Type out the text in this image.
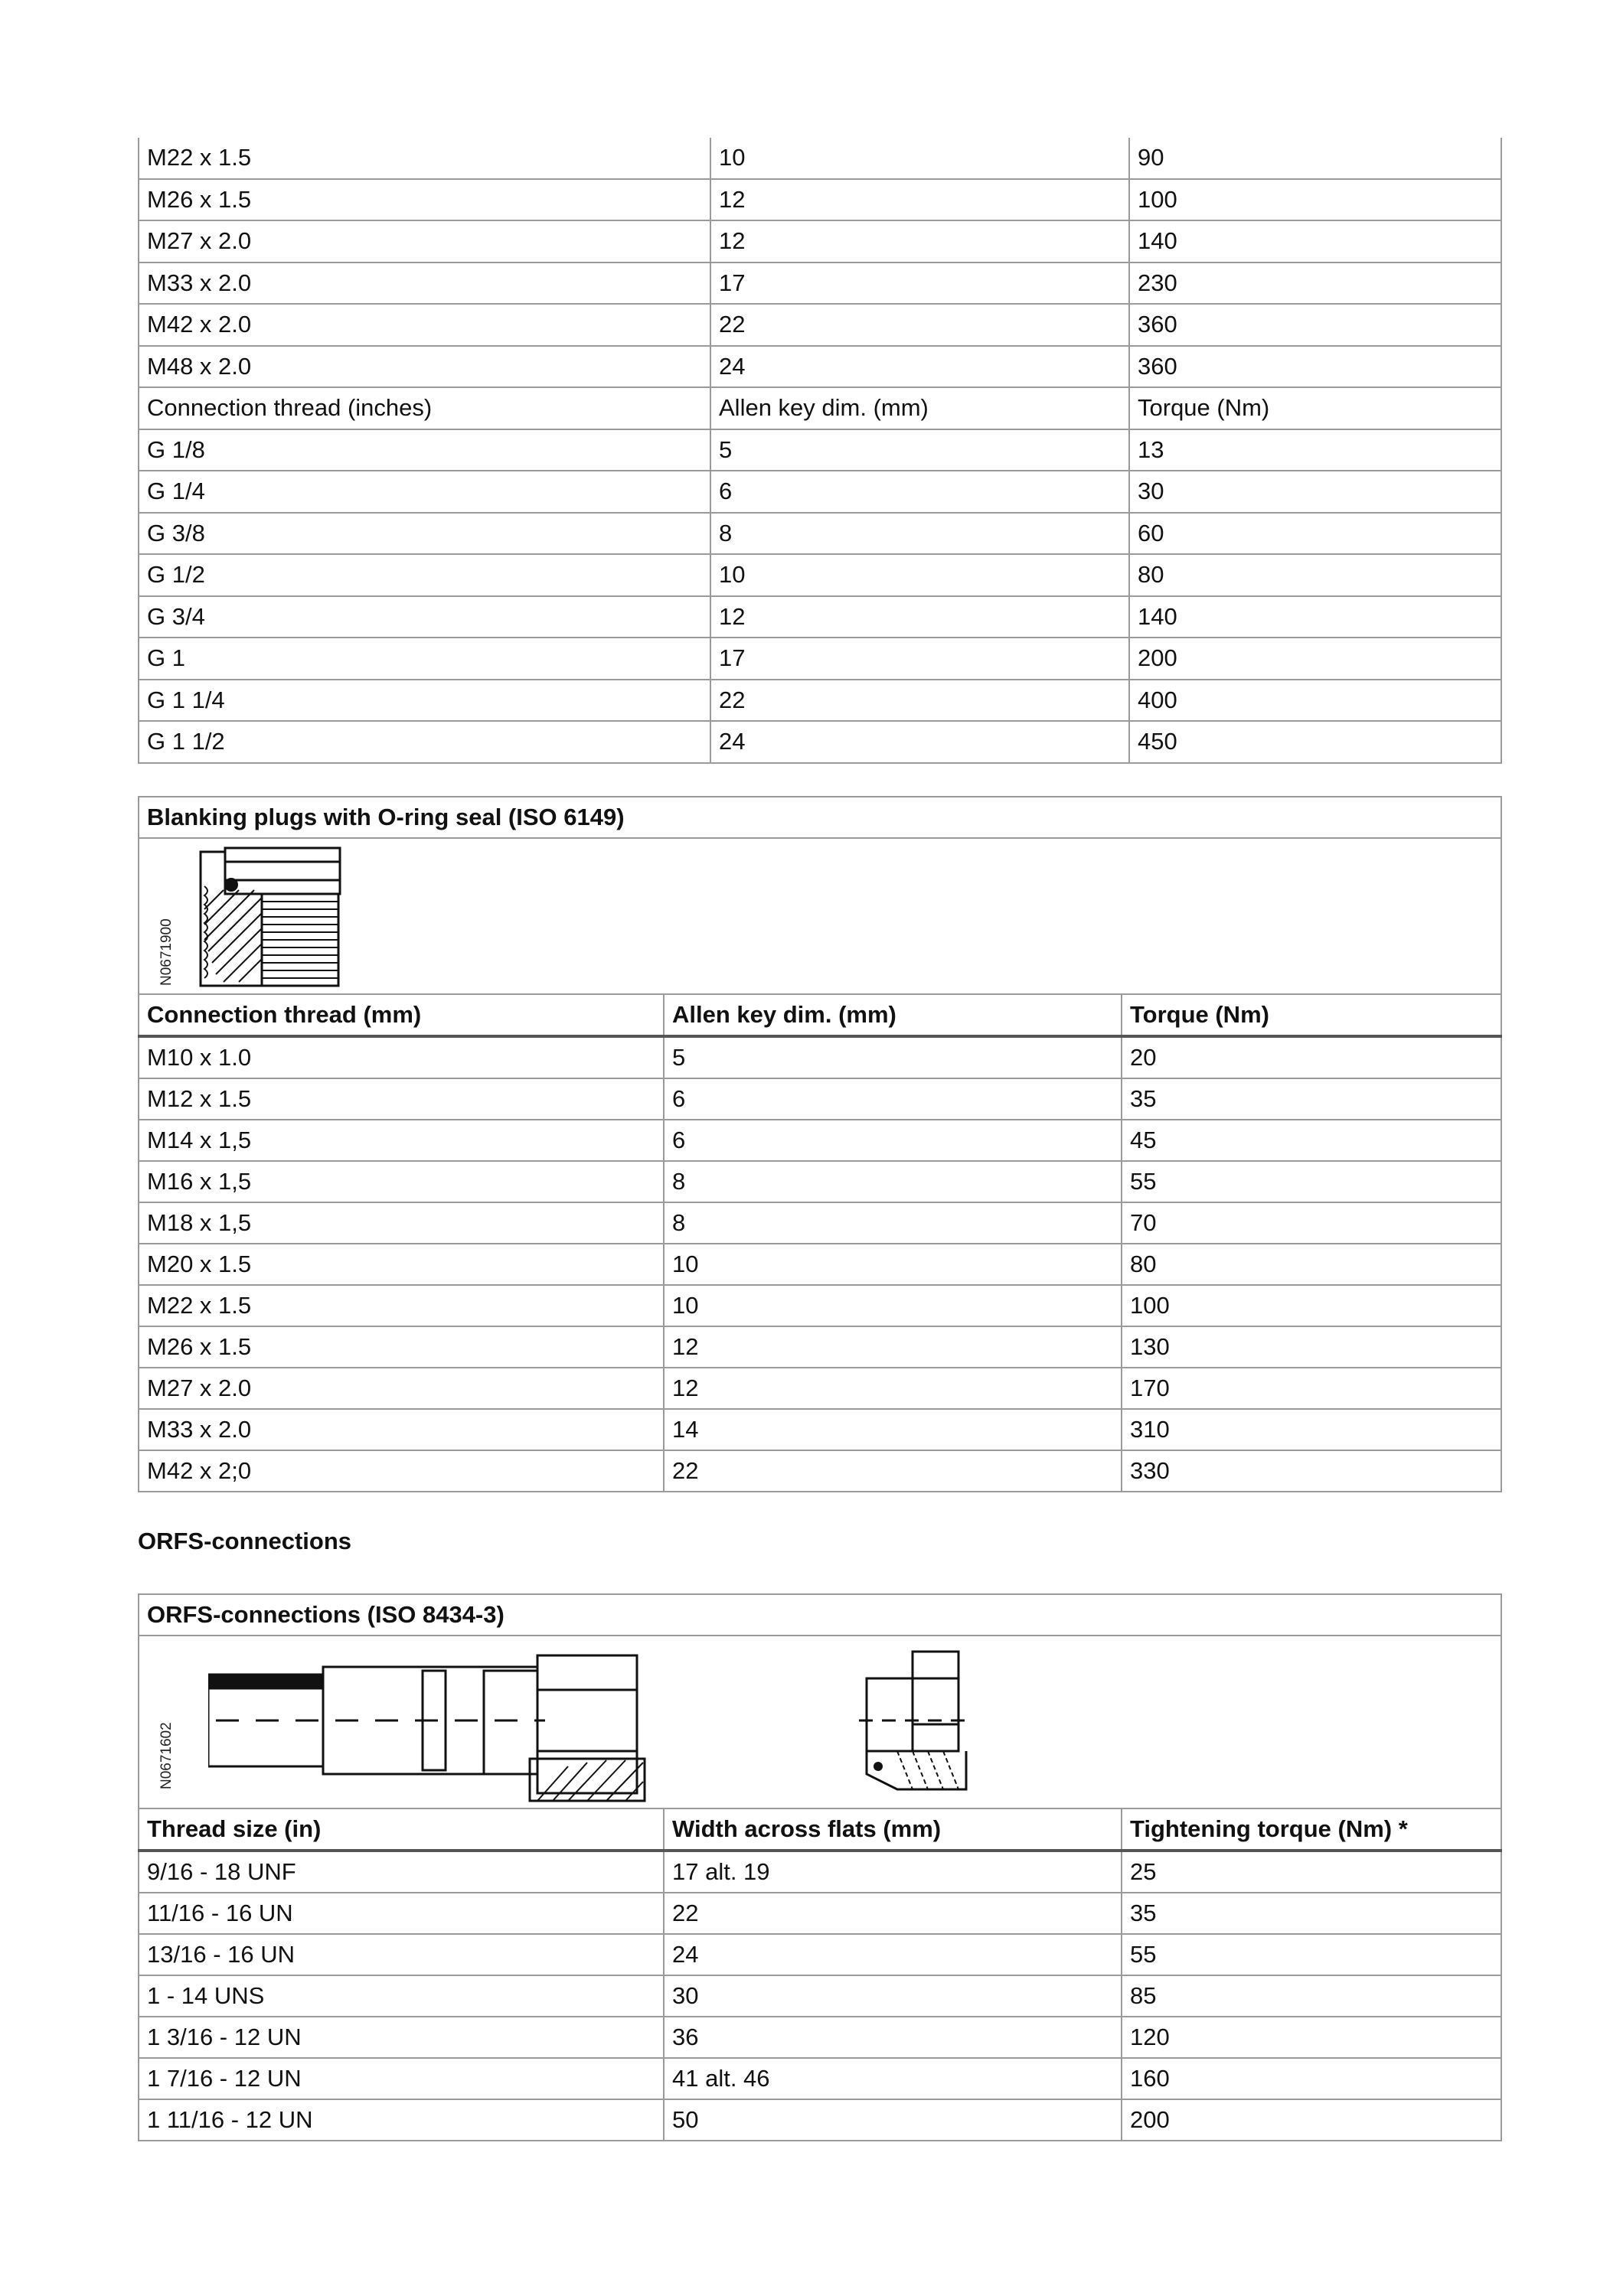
M22 x 1.5	10	90
M26 x 1.5	12	100
M27 x 2.0	12	140
M33 x 2.0	17	230
M42 x 2.0	22	360
M48 x 2.0	24	360
Connection thread (inches)	Allen key dim. (mm)	Torque (Nm)
G 1/8	5	13
G 1/4	6	30
G 3/8	8	60
G 1/2	10	80
G 3/4	12	140
G 1	17	200
G 1 1/4	22	400
G 1 1/2	24	450
Blanking plugs with O-ring seal (ISO 6149)		

N0671900		

Connection thread (mm)	Allen key dim. (mm)	Torque (Nm)
M10 x 1.0	5	20
M12 x 1.5	6	35
M14 x 1,5	6	45
M16 x 1,5	8	55
M18 x 1,5	8	70
M20 x 1.5	10	80
M22 x 1.5	10	100
M26 x 1.5	12	130
M27 x 2.0	12	170
M33 x 2.0	14	310
M42 x 2;0	22	330
ORFS-connections
ORFS-connections (ISO 8434-3)		

N0671602		

Thread size (in)	Width across flats (mm)	Tightening torque (Nm) *
9/16 - 18 UNF	17 alt. 19	25
11/16 - 16 UN	22	35
13/16 - 16 UN	24	55
1 - 14 UNS	30	85
1 3/16 - 12 UN	36	120
1 7/16 - 12 UN	41 alt. 46	160
1 11/16 - 12 UN	50	200
